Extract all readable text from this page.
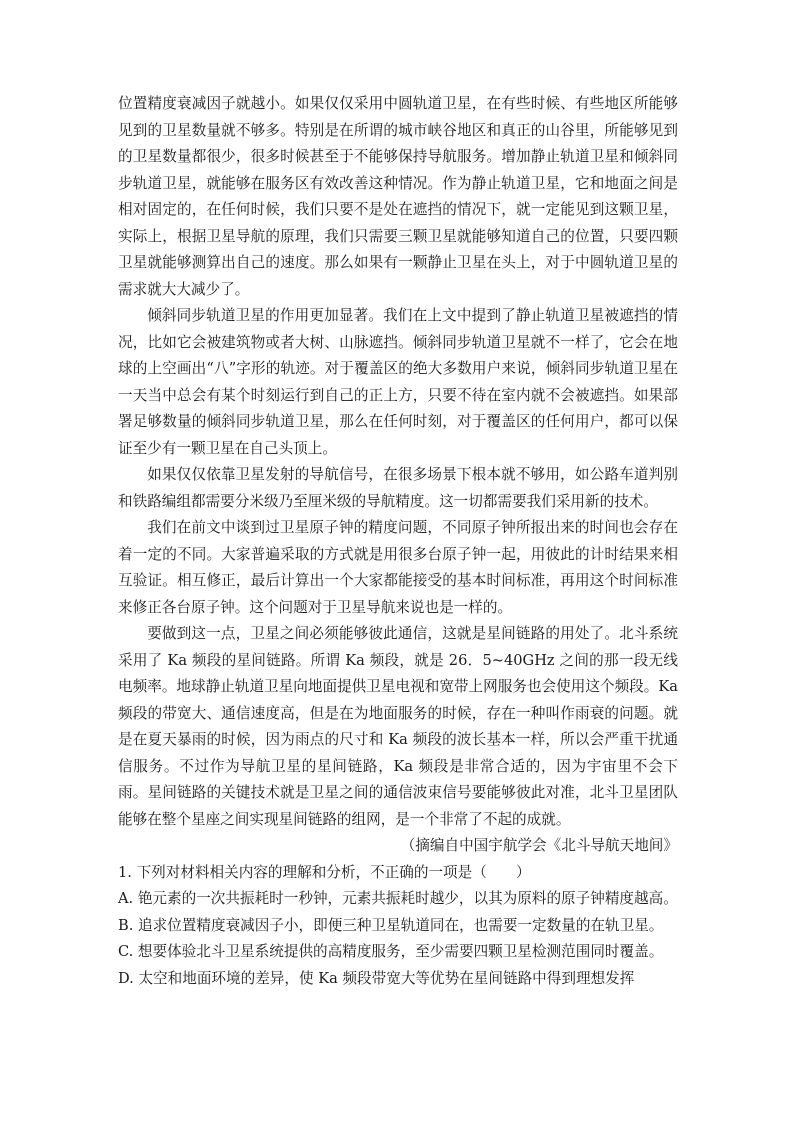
位置精度衰减因子就越小。如果仅仅采用中圆轨道卫星，在有些时候、有些地区所能够见到的卫星数量就不够多。特别是在所谓的城市峡谷地区和真正的山谷里，所能够见到的卫星数量都很少，很多时候甚至于不能够保持导航服务。增加静止轨道卫星和倾斜同步轨道卫星，就能够在服务区有效改善这种情况。作为静止轨道卫星，它和地面之间是相对固定的，在任何时候，我们只要不是处在遮挡的情况下，就一定能见到这颗卫星，实际上，根据卫星导航的原理，我们只需要三颗卫星就能够知道自己的位置，只要四颗卫星就能够测算出自己的速度。那么如果有一颗静止卫星在头上，对于中圆轨道卫星的需求就大大减少了。

倾斜同步轨道卫星的作用更加显著。我们在上文中提到了静止轨道卫星被遮挡的情况，比如它会被建筑物或者大树、山脉遮挡。倾斜同步轨道卫星就不一样了，它会在地球的上空画出“八”字形的轨迹。对于覆盖区的绝大多数用户来说，倾斜同步轨道卫星在一天当中总会有某个时刻运行到自己的正上方，只要不待在室内就不会被遮挡。如果部署足够数量的倾斜同步轨道卫星，那么在任何时刻，对于覆盖区的任何用户，都可以保证至少有一颗卫星在自己头顶上。

如果仅仅依靠卫星发射的导航信号，在很多场景下根本就不够用，如公路车道判别和铁路编组都需要分米级乃至厘米级的导航精度。这一切都需要我们采用新的技术。

我们在前文中谈到过卫星原子钟的精度问题，不同原子钟所报出来的时间也会存在着一定的不同。大家普遍采取的方式就是用很多台原子钟一起，用彼此的计时结果来相互验证。相互修正，最后计算出一个大家都能接受的基本时间标准，再用这个时间标准来修正各台原子钟。这个问题对于卫星导航来说也是一样的。

要做到这一点，卫星之间必须能够彼此通信，这就是星间链路的用处了。北斗系统采用了 Ka 频段的星间链路。所谓 Ka 频段，就是 26．5~40GHz 之间的那一段无线电频率。地球静止轨道卫星向地面提供卫星电视和宽带上网服务也会使用这个频段。Ka 频段的带宽大、通信速度高，但是在为地面服务的时候，存在一种叫作雨衰的问题。就是在夏天暴雨的时候，因为雨点的尺寸和 Ka 频段的波长基本一样，所以会严重干扰通信服务。不过作为导航卫星的星间链路，Ka 频段是非常合适的，因为宇宙里不会下雨。星间链路的关键技术就是卫星之间的通信波束信号要能够彼此对准，北斗卫星团队能够在整个星座之间实现星间链路的组网，是一个非常了不起的成就。

（摘编自中国宇航学会《北斗导航天地间》

1. 下列对材料相关内容的理解和分析，不正确的一项是（　　）

A. 铯元素的一次共振耗时一秒钟，元素共振耗时越少，以其为原料的原子钟精度越高。

B. 追求位置精度衰减因子小，即便三种卫星轨道同在，也需要一定数量的在轨卫星。

C. 想要体验北斗卫星系统提供的高精度服务，至少需要四颗卫星检测范围同时覆盖。

D. 太空和地面环境的差异，使 Ka 频段带宽大等优势在星间链路中得到理想发挥
